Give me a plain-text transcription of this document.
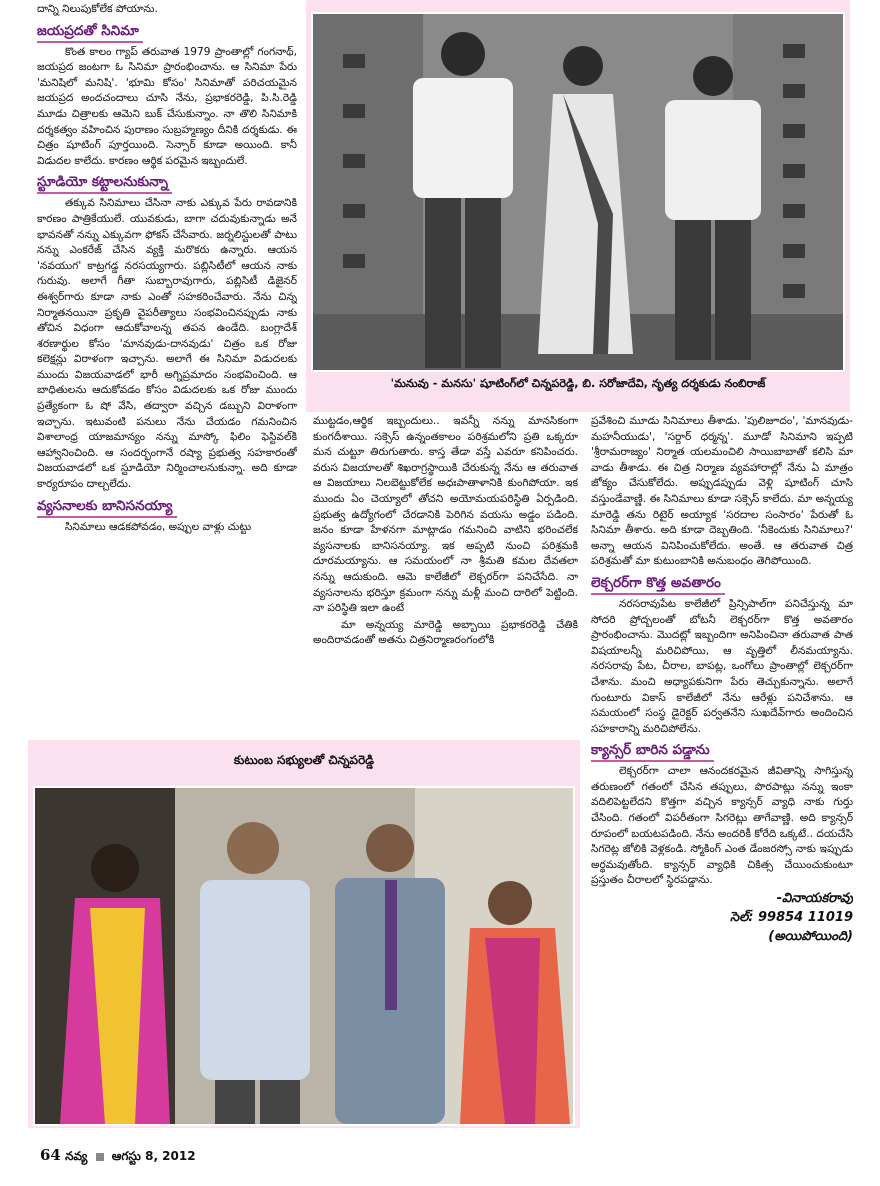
దాన్ని నిలుపుకోలేక పోయాను.

జయప్రదతో సినిమా

కొంత కాలం గ్యాప్ తరువాత 1979 ప్రాంతాల్లో గంగనాథ్, జయప్రద జంటగా ఓ సినిమా ప్రారంభించాను. ఆ సినిమా పేరు 'మనిషిలో మనిషి'. 'భూమి కోసం' సినిమాతో పరిచయమైన జయప్రద అందచందాలు చూసి నేను, ప్రభాకరరెడ్డి, పి.సి.రెడ్డి మూడు చిత్రాలకు ఆమెని బుక్ చేసుకున్నాం. నా తొలి సినిమాకి దర్శకత్వం వహించిన పురాణం సుబ్రహ్మణ్యం దీనికి దర్శకుడు. ఈ చిత్రం షూటింగ్ పూర్తయింది. సెన్సార్ కూడా అయింది. కానీ విడుదల కాలేదు. కారణం ఆర్థిక పరమైన ఇబ్బందులే.

స్టూడియో కట్టాలనుకున్నా

తక్కువ సినిమాలు చేసినా నాకు ఎక్కువ పేరు రావడానికి కారణం పాత్రికేయులే. యువకుడు, బాగా చదువుకున్నాడు అనే భావనతో నన్ను ఎక్కువగా ఫోకస్ చేసేవారు. జర్నలిస్టులతో పాటు నన్ను ఎంకరేజ్ చేసిన వ్యక్తి మరొకరు ఉన్నారు. ఆయన 'నవయుగ' కాట్రగడ్డ నరసయ్యగారు. పబ్లిసిటీలో ఆయన నాకు గురువు. అలాగే గీతా సుబ్బారావుగారు, పబ్లిసిటీ డిజైనర్ ఈశ్వర్‌గారు కూడా నాకు ఎంతో సహకరించేవారు. నేను చిన్న నిర్మాతనయినా ప్రకృతి వైపరీత్యాలు సంభవించినప్పుడు నాకు తోచిన విధంగా ఆదుకోవాలన్న తపన ఉండేది. బంగ్లాదేశ్ శరణార్థుల కోసం 'మానవుడు-దానవుడు' చిత్రం ఒక రోజు కలెక్షన్లు విరాళంగా ఇచ్చాను. అలాగే ఈ సినిమా విడుదలకు ముందు విజయవాడలో భారీ అగ్నిప్రమాదం సంభవించింది. ఆ బాధితులను ఆదుకోవడం కోసం విడుదలకు ఒక రోజు ముందు ప్రత్యేకంగా ఓ షో వేసి, తద్వారా వచ్చిన డబ్బుని విరాళంగా ఇచ్చాను. ఇటువంటి పనులు నేను చేయడం గమనించిన విశాలాంధ్ర యాజమాన్యం నన్ను మాస్కో ఫిలిం ఫెస్టివల్‌కి ఆహ్వానించింది. ఆ సందర్భంగానే రష్యా ప్రభుత్వ సహకారంతో విజయవాడలో ఒక స్టూడియో నిర్మించాలనుకున్నా. అది కూడా కార్యరూపం దాల్చలేదు.

వ్యసనాలకు బానిసనయ్యా

సినిమాలు ఆడకపోవడం, అప్పుల వాళ్లు చుట్టు

'మనువు - మనసు' షూటింగ్‌లో చిన్నపరెడ్డి, బి. సరోజాదేవి, నృత్య దర్శకుడు నంబిరాజ్

ముట్టడం,ఆర్థిక ఇబ్బందులు.. ఇవన్నీ నన్ను మానసికంగా కుంగదీశాయి. సక్సెస్ ఉన్నంతకాలం పరిశ్రమలోని ప్రతి ఒక్కరూ మన చుట్టూ తిరుగుతారు. కాస్త తేడా వస్తే ఎవరూ కనిపించరు. వరుస విజయాలతో శిఖరాగ్రస్థాయికి చేరుకున్న నేను ఆ తరువాత ఆ విజయాలు నిలబెట్టుకోలేక అధఃపాతాళానికి కుంగిపోయా. ఇక ముందు ఏం చెయ్యాలో తోచని అయోమయపరిస్థితి ఏర్పడింది. ప్రభుత్వ ఉద్యోగంలో చేరడానికి పెరిగిన వయసు అడ్డం పడింది. జనం కూడా హేళనగా మాట్లాడం గమనించి వాటిని భరించలేక వ్యసనాలకు బానిసనయ్యా. ఇక అప్పటి నుంచి పరిశ్రమకి దూరమయ్యాను. ఆ సమయంలో నా శ్రీమతి కమల దేవతలా నన్ను ఆదుకుంది. ఆమె కాలేజీలో లెక్చరర్‌గా పనిచేసేది. నా వ్యసనాలను భరిస్తూ క్రమంగా నన్ను మళ్లీ మంచి దారిలో పెట్టింది. నా పరిస్థితి ఇలా ఉంటే

మా అన్నయ్య మారెడ్డి అబ్బాయి ప్రభాకరరెడ్డి చేతికి అందిరావడంతో అతను చిత్రనిర్మాణరంగంలోకి

ప్రవేశించి మూడు సినిమాలు తీశాడు. 'పులిజూదం', 'మానవుడు-మహనీయుడు', 'సర్దార్ ధర్మన్న'. మూడో సినిమాని ఇప్పటి 'శ్రీరామరాజ్యం' నిర్మాత యలమంచిలి సాయిబాబాతో కలిసి మా వాడు తీశాడు. ఈ చిత్ర నిర్మాణ వ్యవహారాల్లో నేను ఏ మాత్రం జోక్యం చేసుకోలేదు. అప్పుడప్పుడు వెళ్లి షూటింగ్ చూసి వస్తుండేవాణ్ణి. ఈ సినిమాలు కూడా సక్సెస్ కాలేదు. మా అన్నయ్య మారెడ్డి తను రిటైర్ అయ్యాక 'సరదాల సంసారం' పేరుతో ఓ సినిమా తీశారు. అది కూడా దెబ్బతింది. 'నీకెందుకు సినిమాలు?' అన్నా ఆయన వినిపించుకోలేదు. అంతే. ఆ తరువాత చిత్ర పరిశ్రమతో మా కుటుంబానికి అనుబంధం తెగిపోయింది.

లెక్చరర్‌గా కొత్త అవతారం

నరసరావుపేట కాలేజీలో ప్రిన్సిపాల్‌గా పనిచేస్తున్న మా సోదరి ప్రోద్బలంతో బోటనీ లెక్చరర్‌గా కొత్త అవతారం ప్రారంభించాను. మొదట్లో ఇబ్బందిగా అనిపించినా తరువాత పాత విషయాలన్నీ మరిచిపోయి, ఆ వృత్తిలో లీనమయ్యాను. నరసరావు పేట, చీరాల, బాపట్ల, ఒంగోలు ప్రాంతాల్లో లెక్చరర్‌గా చేశాను. మంచి అధ్యాపకునిగా పేరు తెచ్చుకున్నాను. అలాగే గుంటూరు వికాస్ కాలేజీలో నేను ఆరేళ్లు పనిచేశాను. ఆ సమయంలో సంస్థ డైరెక్టర్ పర్వతనేని సుఖదేవ్‌గారు అందించిన సహకారాన్ని మరిచిపోలేను.

క్యాన్సర్ బారిన పడ్డాను

లెక్చరర్‌గా చాలా ఆనందకరమైన జీవితాన్ని సాగిస్తున్న తరుణంలో గతంలో చేసిన తప్పులు, పొరపాట్లు నన్ను ఇంకా వదిలిపెట్టలేదని కొత్తగా వచ్చిన క్యాన్సర్ వ్యాధి నాకు గుర్తు చేసింది. గతంలో విపరీతంగా సిగరెట్లు తాగేవాణ్ణి. అది క్యాన్సర్ రూపంలో బయటపడింది. నేను అందరికీ కోరేది ఒక్కటే.. దయచేసి సిగరెట్ల జోలికి వెళ్లకండి. స్మోకింగ్ ఎంత డేంజరస్సో నాకు ఇప్పుడు అర్థమవుతోంది. క్యాన్సర్ వ్యాధికి చికిత్స చేయించుకుంటూ ప్రస్తుతం చీరాలలో స్థిరపడ్డాను.

-వినాయకరావు

సెల్: 99854 11019

(అయిపోయింది)

కుటుంబ సభ్యులతో చిన్నపరెడ్డి
64 నవ్య ఆగస్టు 8, 2012
